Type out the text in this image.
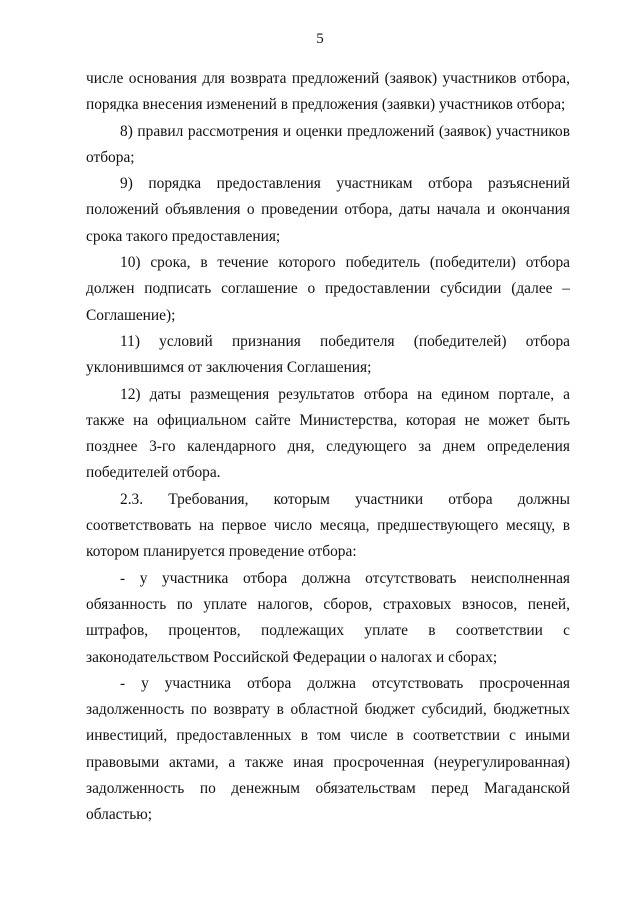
5

числе основания для возврата предложений (заявок) участников отбора, порядка внесения изменений в предложения (заявки) участников отбора;

8) правил рассмотрения и оценки предложений (заявок) участников отбора;

9) порядка предоставления участникам отбора разъяснений положений объявления о проведении отбора, даты начала и окончания срока такого предоставления;

10) срока, в течение которого победитель (победители) отбора должен подписать соглашение о предоставлении субсидии (далее – Соглашение);

11) условий признания победителя (победителей) отбора уклонившимся от заключения Соглашения;

12) даты размещения результатов отбора на едином портале, а также на официальном сайте Министерства, которая не может быть позднее 3-го календарного дня, следующего за днем определения победителей отбора.

2.3. Требования, которым участники отбора должны соответствовать на первое число месяца, предшествующего месяцу, в котором планируется проведение отбора:

- у участника отбора должна отсутствовать неисполненная обязанность по уплате налогов, сборов, страховых взносов, пеней, штрафов, процентов, подлежащих уплате в соответствии с законодательством Российской Федерации о налогах и сборах;

- у участника отбора должна отсутствовать просроченная задолженность по возврату в областной бюджет субсидий, бюджетных инвестиций, предоставленных в том числе в соответствии с иными правовыми актами, а также иная просроченная (неурегулированная) задолженность по денежным обязательствам перед Магаданской областью;
